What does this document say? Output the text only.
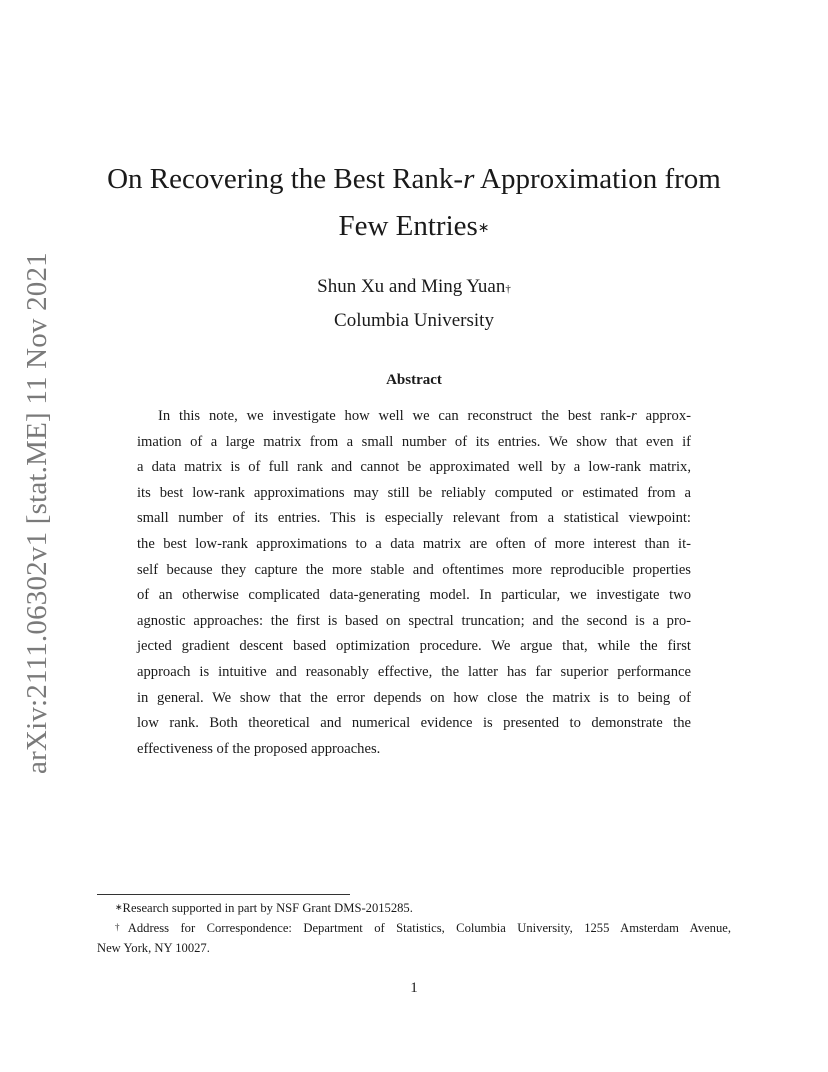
arXiv:2111.06302v1 [stat.ME] 11 Nov 2021
On Recovering the Best Rank-r Approximation from
Few Entries∗
Shun Xu and Ming Yuan†
Columbia University
Abstract
In this note, we investigate how well we can reconstruct the best rank-r approx-
imation of a large matrix from a small number of its entries. We show that even if
a data matrix is of full rank and cannot be approximated well by a low-rank matrix,
its best low-rank approximations may still be reliably computed or estimated from a
small number of its entries. This is especially relevant from a statistical viewpoint:
the best low-rank approximations to a data matrix are often of more interest than it-
self because they capture the more stable and oftentimes more reproducible properties
of an otherwise complicated data-generating model. In particular, we investigate two
agnostic approaches: the first is based on spectral truncation; and the second is a pro-
jected gradient descent based optimization procedure. We argue that, while the first
approach is intuitive and reasonably effective, the latter has far superior performance
in general. We show that the error depends on how close the matrix is to being of
low rank. Both theoretical and numerical evidence is presented to demonstrate the
effectiveness of the proposed approaches.
∗Research supported in part by NSF Grant DMS-2015285.
†Address for Correspondence: Department of Statistics, Columbia University, 1255 Amsterdam Avenue,
New York, NY 10027.
1
